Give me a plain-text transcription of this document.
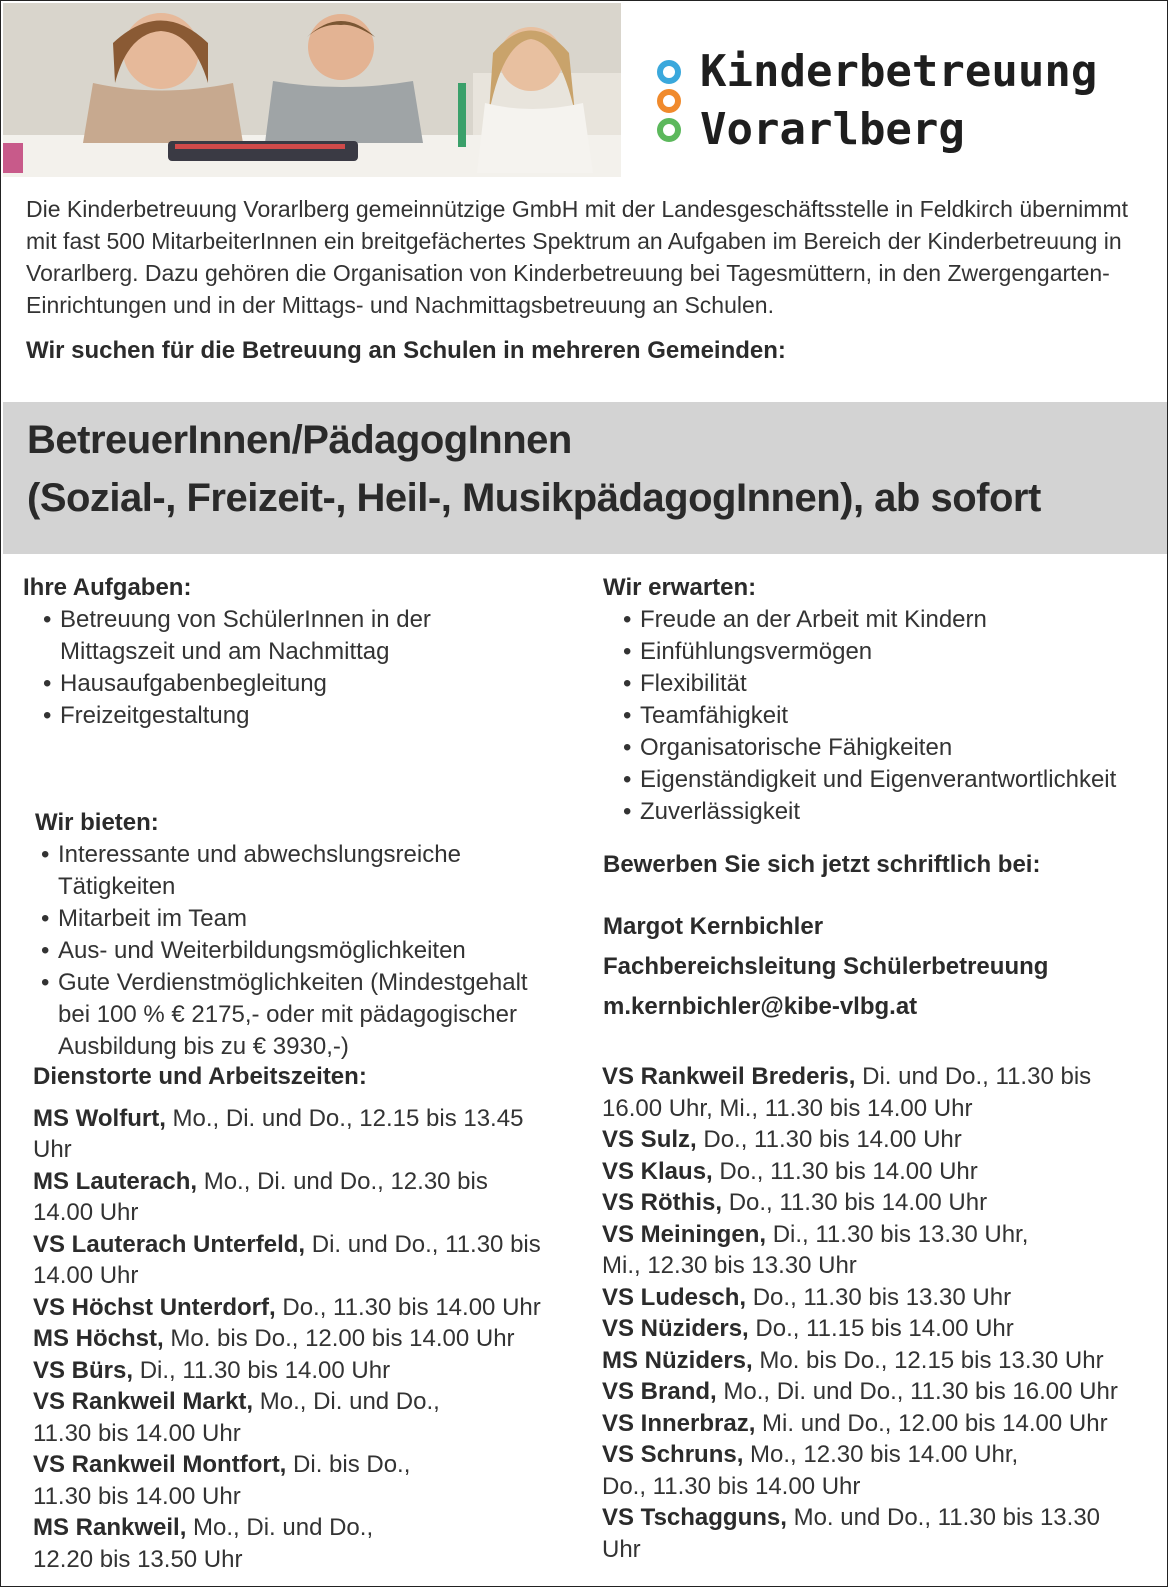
Kinderbetreuung
Vorarlberg
Die Kinderbetreuung Vorarlberg gemeinnützige GmbH mit der Landesgeschäftsstelle in Feldkirch übernimmt mit fast 500 MitarbeiterInnen ein breitgefächertes Spektrum an Aufgaben im Bereich der Kinderbetreuung in Vorarlberg. Dazu gehören die Organisation von Kinderbetreuung bei Tagesmüttern, in den Zwergengarten-Einrichtungen und in der Mittags- und Nachmittagsbetreuung an Schulen.
Wir suchen für die Betreuung an Schulen in mehreren Gemeinden:
BetreuerInnen/PädagogInnen
(Sozial-, Freizeit-, Heil-, MusikpädagogInnen), ab sofort
Ihre Aufgaben:
• Betreuung von SchülerInnen in der Mittagszeit und am Nachmittag
• Hausaufgabenbegleitung
• Freizeitgestaltung
Wir bieten:
• Interessante und abwechslungsreiche Tätigkeiten
• Mitarbeit im Team
• Aus- und Weiterbildungsmöglichkeiten
• Gute Verdienstmöglichkeiten (Mindestgehalt bei 100 % € 2175,- oder mit pädagogischer Ausbildung bis zu € 3930,-)
Wir erwarten:
• Freude an der Arbeit mit Kindern
• Einfühlungsvermögen
• Flexibilität
• Teamfähigkeit
• Organisatorische Fähigkeiten
• Eigenständigkeit und Eigenverantwortlichkeit
• Zuverlässigkeit

Bewerben Sie sich jetzt schriftlich bei:

Margot Kernbichler

Fachbereichsleitung Schülerbetreuung

m.kernbichler@kibe-vlbg.at

Dienstorte und Arbeitszeiten:

MS Wolfurt, Mo., Di. und Do., 12.15 bis 13.45 Uhr

MS Lauterach, Mo., Di. und Do., 12.30 bis 14.00 Uhr

VS Lauterach Unterfeld, Di. und Do., 11.30 bis 14.00 Uhr

VS Höchst Unterdorf, Do., 11.30 bis 14.00 Uhr

MS Höchst, Mo. bis Do., 12.00 bis 14.00 Uhr

VS Bürs, Di., 11.30 bis 14.00 Uhr

VS Rankweil Markt, Mo., Di. und Do., 11.30 bis 14.00 Uhr

VS Rankweil Montfort, Di. bis Do., 11.30 bis 14.00 Uhr

MS Rankweil, Mo., Di. und Do., 12.20 bis 13.50 Uhr

VS Rankweil Brederis, Di. und Do., 11.30 bis 16.00 Uhr, Mi., 11.30 bis 14.00 Uhr

VS Sulz, Do., 11.30 bis 14.00 Uhr

VS Klaus, Do., 11.30 bis 14.00 Uhr

VS Röthis, Do., 11.30 bis 14.00 Uhr

VS Meiningen, Di., 11.30 bis 13.30 Uhr, Mi., 12.30 bis 13.30 Uhr

VS Ludesch, Do., 11.30 bis 13.30 Uhr

VS Nüziders, Do., 11.15 bis 14.00 Uhr

MS Nüziders, Mo. bis Do., 12.15 bis 13.30 Uhr

VS Brand, Mo., Di. und Do., 11.30 bis 16.00 Uhr

VS Innerbraz, Mi. und Do., 12.00 bis 14.00 Uhr

VS Schruns, Mo., 12.30 bis 14.00 Uhr, Do., 11.30 bis 14.00 Uhr

VS Tschagguns, Mo. und Do., 11.30 bis 13.30 Uhr
